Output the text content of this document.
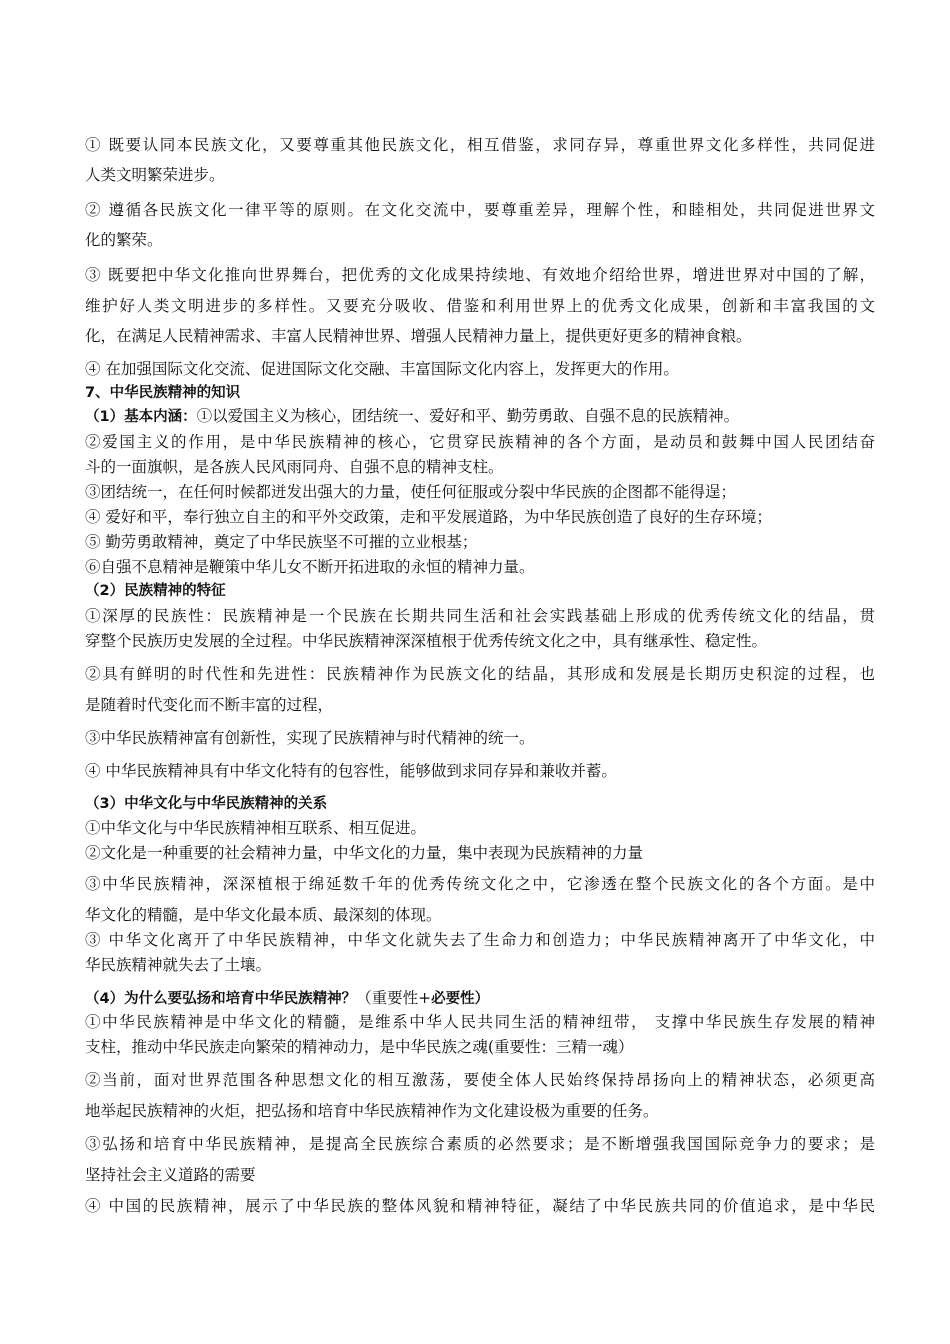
① 既要认同本民族文化，又要尊重其他民族文化，相互借鉴，求同存异，尊重世界文化多样性，共同促进
人类文明繁荣进步。
② 遵循各民族文化一律平等的原则。在文化交流中，要尊重差异，理解个性，和睦相处，共同促进世界文
化的繁荣。
③ 既要把中华文化推向世界舞台，把优秀的文化成果持续地、有效地介绍给世界，增进世界对中国的了解，
维护好人类文明进步的多样性。又要充分吸收、借鉴和利用世界上的优秀文化成果，创新和丰富我国的文
化，在满足人民精神需求、丰富人民精神世界、增强人民精神力量上，提供更好更多的精神食粮。
④ 在加强国际文化交流、促进国际文化交融、丰富国际文化内容上，发挥更大的作用。
7、中华民族精神的知识
（1）基本内涵：①以爱国主义为核心，团结统一、爱好和平、勤劳勇敢、自强不息的民族精神。
②爱国主义的作用，是中华民族精神的核心，它贯穿民族精神的各个方面，是动员和鼓舞中国人民团结奋
斗的一面旗帜，是各族人民风雨同舟、自强不息的精神支柱。
③团结统一，在任何时候都迸发出强大的力量，使任何征服或分裂中华民族的企图都不能得逞；
④ 爱好和平，奉行独立自主的和平外交政策，走和平发展道路，为中华民族创造了良好的生存环境；
⑤ 勤劳勇敢精神，奠定了中华民族坚不可摧的立业根基；
⑥自强不息精神是鞭策中华儿女不断开拓进取的永恒的精神力量。
（2）民族精神的特征
①深厚的民族性：民族精神是一个民族在长期共同生活和社会实践基础上形成的优秀传统文化的结晶，贯
穿整个民族历史发展的全过程。中华民族精神深深植根于优秀传统文化之中，具有继承性、稳定性。
②具有鲜明的时代性和先进性：民族精神作为民族文化的结晶，其形成和发展是长期历史积淀的过程，也
是随着时代变化而不断丰富的过程，
③中华民族精神富有创新性，实现了民族精神与时代精神的统一。
④ 中华民族精神具有中华文化特有的包容性，能够做到求同存异和兼收并蓄。
（3）中华文化与中华民族精神的关系
①中华文化与中华民族精神相互联系、相互促进。
②文化是一种重要的社会精神力量，中华文化的力量，集中表现为民族精神的力量
③中华民族精神，深深植根于绵延数千年的优秀传统文化之中，它渗透在整个民族文化的各个方面。是中
华文化的精髓，是中华文化最本质、最深刻的体现。
③ 中华文化离开了中华民族精神，中华文化就失去了生命力和创造力；中华民族精神离开了中华文化，中
华民族精神就失去了土壤。
（4）为什么要弘扬和培育中华民族精神？（重要性+必要性）
①中华民族精神是中华文化的精髓，是维系中华人民共同生活的精神纽带， 支撑中华民族生存发展的精神
支柱，推动中华民族走向繁荣的精神动力，是中华民族之魂(重要性：三精一魂）
②当前，面对世界范围各种思想文化的相互激荡，要使全体人民始终保持昂扬向上的精神状态，必须更高
地举起民族精神的火炬，把弘扬和培育中华民族精神作为文化建设极为重要的任务。
③弘扬和培育中华民族精神，是提高全民族综合素质的必然要求；是不断增强我国国际竞争力的要求；是
坚持社会主义道路的需要
④ 中国的民族精神，展示了中华民族的整体风貌和精神特征，凝结了中华民族共同的价值追求，是中华民
